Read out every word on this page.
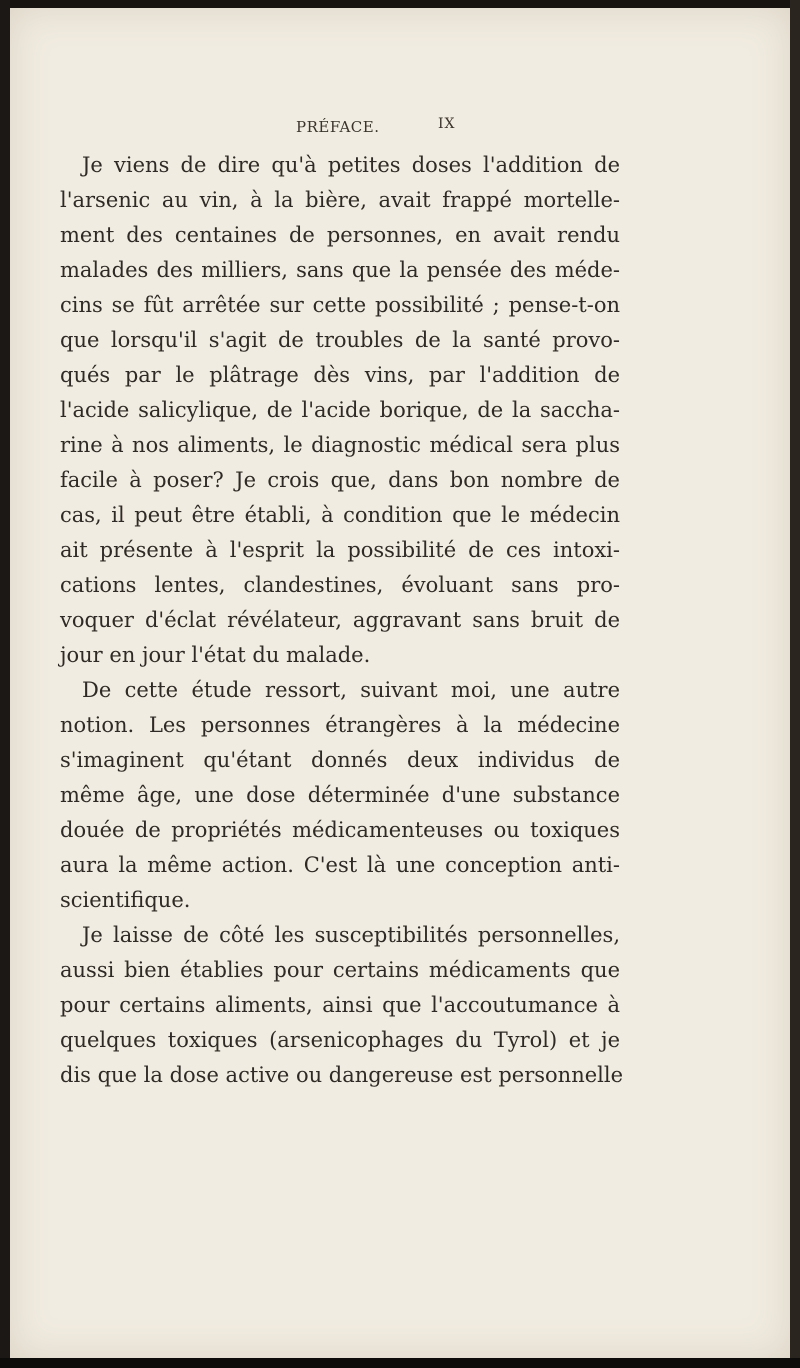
PRÉFACE.	IX
Je viens de dire qu'à petites doses l'addition de
l'arsenic au vin, à la bière, avait frappé mortelle-
ment des centaines de personnes, en avait rendu
malades des milliers, sans que la pensée des méde-
cins se fût arrêtée sur cette possibilité ; pense-t-on
que lorsqu'il s'agit de troubles de la santé provo-
qués par le plâtrage dès vins, par l'addition de
l'acide salicylique, de l'acide borique, de la saccha-
rine à nos aliments, le diagnostic médical sera plus
facile à poser? Je crois que, dans bon nombre de
cas, il peut être établi, à condition que le médecin
ait présente à l'esprit la possibilité de ces intoxi-
cations lentes, clandestines, évoluant sans pro-
voquer d'éclat révélateur, aggravant sans bruit de
jour en jour l'état du malade.
De cette étude ressort, suivant moi, une autre
notion. Les personnes étrangères à la médecine
s'imaginent qu'étant donnés deux individus de
même âge, une dose déterminée d'une substance
douée de propriétés médicamenteuses ou toxiques
aura la même action. C'est là une conception anti-
scientifique.
Je laisse de côté les susceptibilités personnelles,
aussi bien établies pour certains médicaments que
pour certains aliments, ainsi que l'accoutumance à
quelques toxiques (arsenicophages du Tyrol) et je
dis que la dose active ou dangereuse est personnelle
